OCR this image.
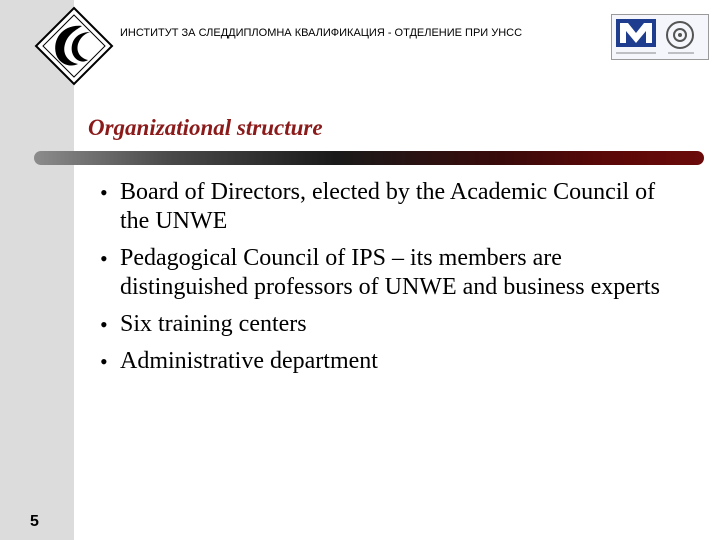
ИНСТИТУТ ЗА СЛЕДДИПЛОМНА КВАЛИФИКАЦИЯ - ОТДЕЛЕНИЕ ПРИ УНСС
Organizational structure
• Board of Directors, elected by the Academic Council of the UNWE
• Pedagogical Council of IPS – its members are distinguished professors of UNWE and business experts
• Six training centers
• Administrative department
5
